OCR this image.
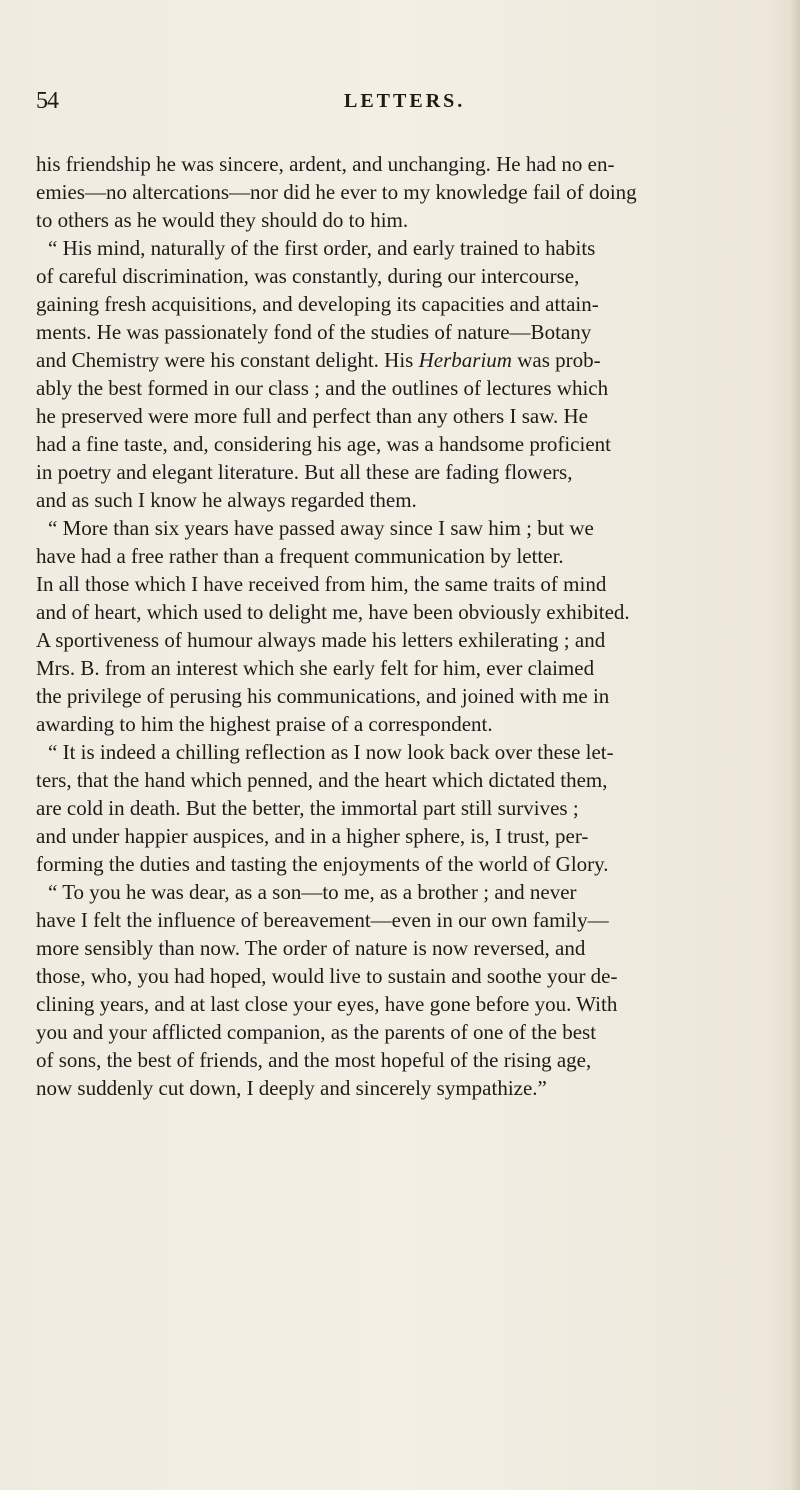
54	LETTERS.
his friendship he was sincere, ardent, and unchanging. He had no en-
emies—no altercations—nor did he ever to my knowledge fail of doing
to others as he would they should do to him.
“ His mind, naturally of the first order, and early trained to habits
of careful discrimination, was constantly, during our intercourse,
gaining fresh acquisitions, and developing its capacities and attain-
ments. He was passionately fond of the studies of nature—Botany
and Chemistry were his constant delight. His Herbarium was prob-
ably the best formed in our class ; and the outlines of lectures which
he preserved were more full and perfect than any others I saw. He
had a fine taste, and, considering his age, was a handsome proficient
in poetry and elegant literature. But all these are fading flowers,
and as such I know he always regarded them.
“ More than six years have passed away since I saw him ; but we
have had a free rather than a frequent communication by letter.
In all those which I have received from him, the same traits of mind
and of heart, which used to delight me, have been obviously exhibited.
A sportiveness of humour always made his letters exhilerating ; and
Mrs. B. from an interest which she early felt for him, ever claimed
the privilege of perusing his communications, and joined with me in
awarding to him the highest praise of a correspondent.
“ It is indeed a chilling reflection as I now look back over these let-
ters, that the hand which penned, and the heart which dictated them,
are cold in death. But the better, the immortal part still survives ;
and under happier auspices, and in a higher sphere, is, I trust, per-
forming the duties and tasting the enjoyments of the world of Glory.
“ To you he was dear, as a son—to me, as a brother ; and never
have I felt the influence of bereavement—even in our own family—
more sensibly than now. The order of nature is now reversed, and
those, who, you had hoped, would live to sustain and soothe your de-
clining years, and at last close your eyes, have gone before you. With
you and your afflicted companion, as the parents of one of the best
of sons, the best of friends, and the most hopeful of the rising age,
now suddenly cut down, I deeply and sincerely sympathize.”
